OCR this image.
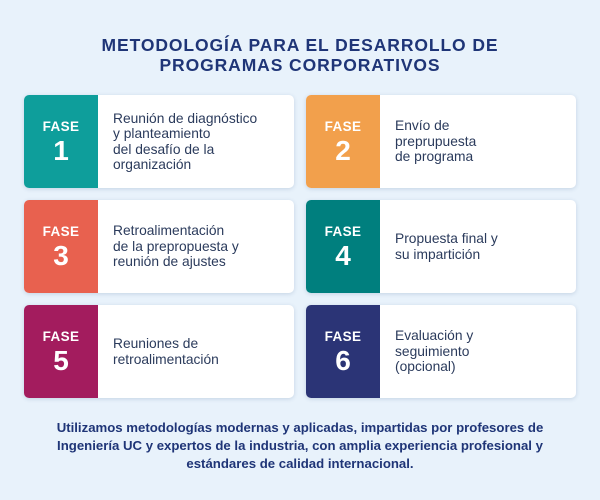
METODOLOGÍA PARA EL DESARROLLO DE
PROGRAMAS CORPORATIVOS
FASE
1
Reunión de diagnóstico
y planteamiento
del desafío de la
organización
FASE
2
Envío de
preprupuesta
de programa
FASE
3
Retroalimentación
de la prepropuesta y
reunión de ajustes
FASE
4
Propuesta final y
su impartición
FASE
5
Reuniones de
retroalimentación
FASE
6
Evaluación y
seguimiento
(opcional)
Utilizamos metodologías modernas y aplicadas, impartidas por profesores de
Ingeniería UC y expertos de la industria, con amplia experiencia profesional y
estándares de calidad internacional.
